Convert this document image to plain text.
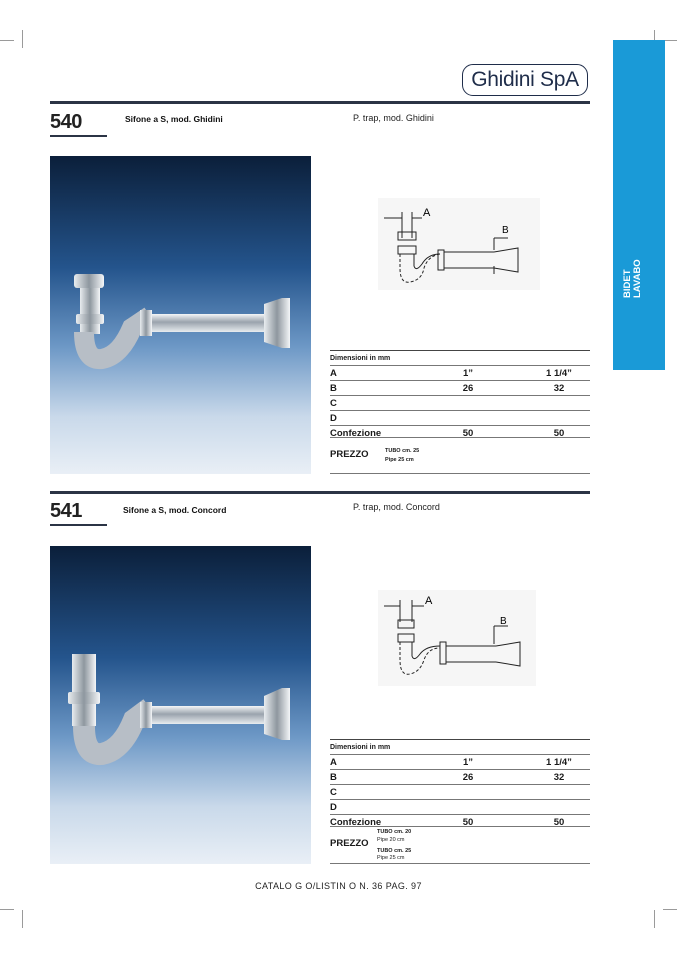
Ghidini SpA
BIDET LAVABO
540	Sifone a S, mod. Ghidini	P. trap, mod. Ghidini
A
B
Dimensioni in mm		
A	1”	1 1/4”
B	26	32
C		
D		
Confezione	50	50
PREZZO	TUBO cm. 25
Pipe 25 cm
541	Sifone a S, mod. Concord	P. trap, mod. Concord
A
B
Dimensioni in mm		
A	1”	1 1/4”
B	26	32
C		
D		
Confezione	50	50
PREZZO
TUBO cm. 20
Pipe 20 cm
TUBO cm. 25
Pipe 25 cm
CATALO G O/LISTIN O N. 36 PAG. 97
